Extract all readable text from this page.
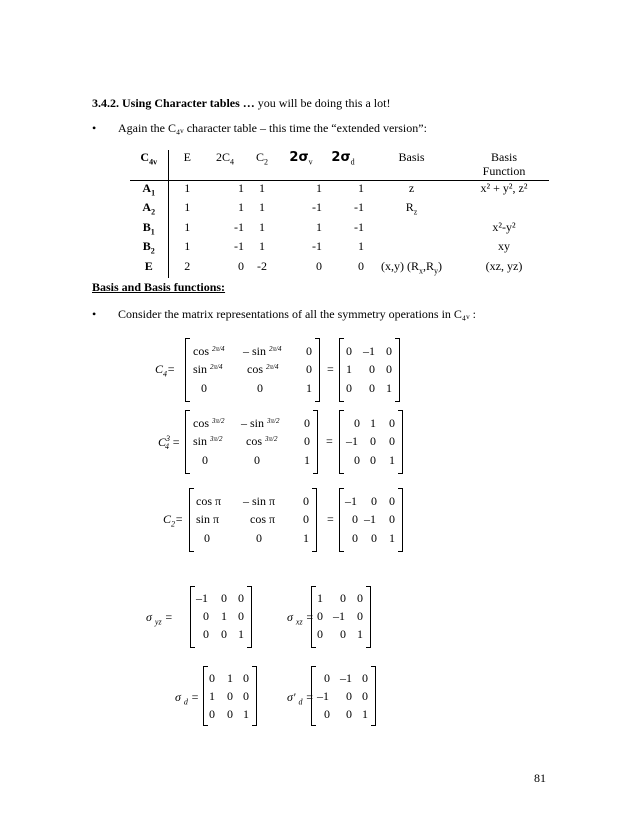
3.4.2. Using Character tables … you will be doing this a lot!
• Again the C₄ᵥ character table – this time the “extended version”:
$C_{4v}$	E	$2C_4$	$C_2$	$2\sigma_v$	$2\sigma_d$	Basis	Basis
Function
$A_1$	1	1	1	1	1	z	x² + y², z²
$A_2$	1	1	1	-1	-1	$R_z$	
$B_1$	1	-1	1	1	-1		x²-y²
$B_2$	1	-1	1	-1	1		xy
E	2	0	-2	0	0	(x,y) $(R_x,R_y)$	(xz, yz)
Basis and Basis functions:
• Consider the matrix representations of all the symmetry operations in C₄ᵥ :
$C_4=$
cos $^{2\pi/4}$ – sin $^{2\pi/4}$ 0
sin $^{2\pi/4}$ cos $^{2\pi/4}$ 0
0	0	1
=
0 –1 0
1 0 0
0 0 1
$C^3_4$ =
cos $^{3\pi/2}$ – sin $^{3\pi/2}$ 0
sin $^{3\pi/2}$ cos $^{3\pi/2}$ 0
0	0	1
=
0 1 0
–1 0 0
0 0 1
$C_2=$
cos π – sin π 0
sin π	cos π 0
0	0	1
=
–1 0 0
0 –1 0
0 0 1
σ $_{yz}$ =
–1 0 0
0 1 0
0 0 1
σ $_{xz}$ =
1 0 0
0 –1 0
0 0 1
σ $_d$ =
0 1 0
1 0 0
0 0 1
σ' $_d$ =
0 –1 0
–1 0 0
0 0 1
81
